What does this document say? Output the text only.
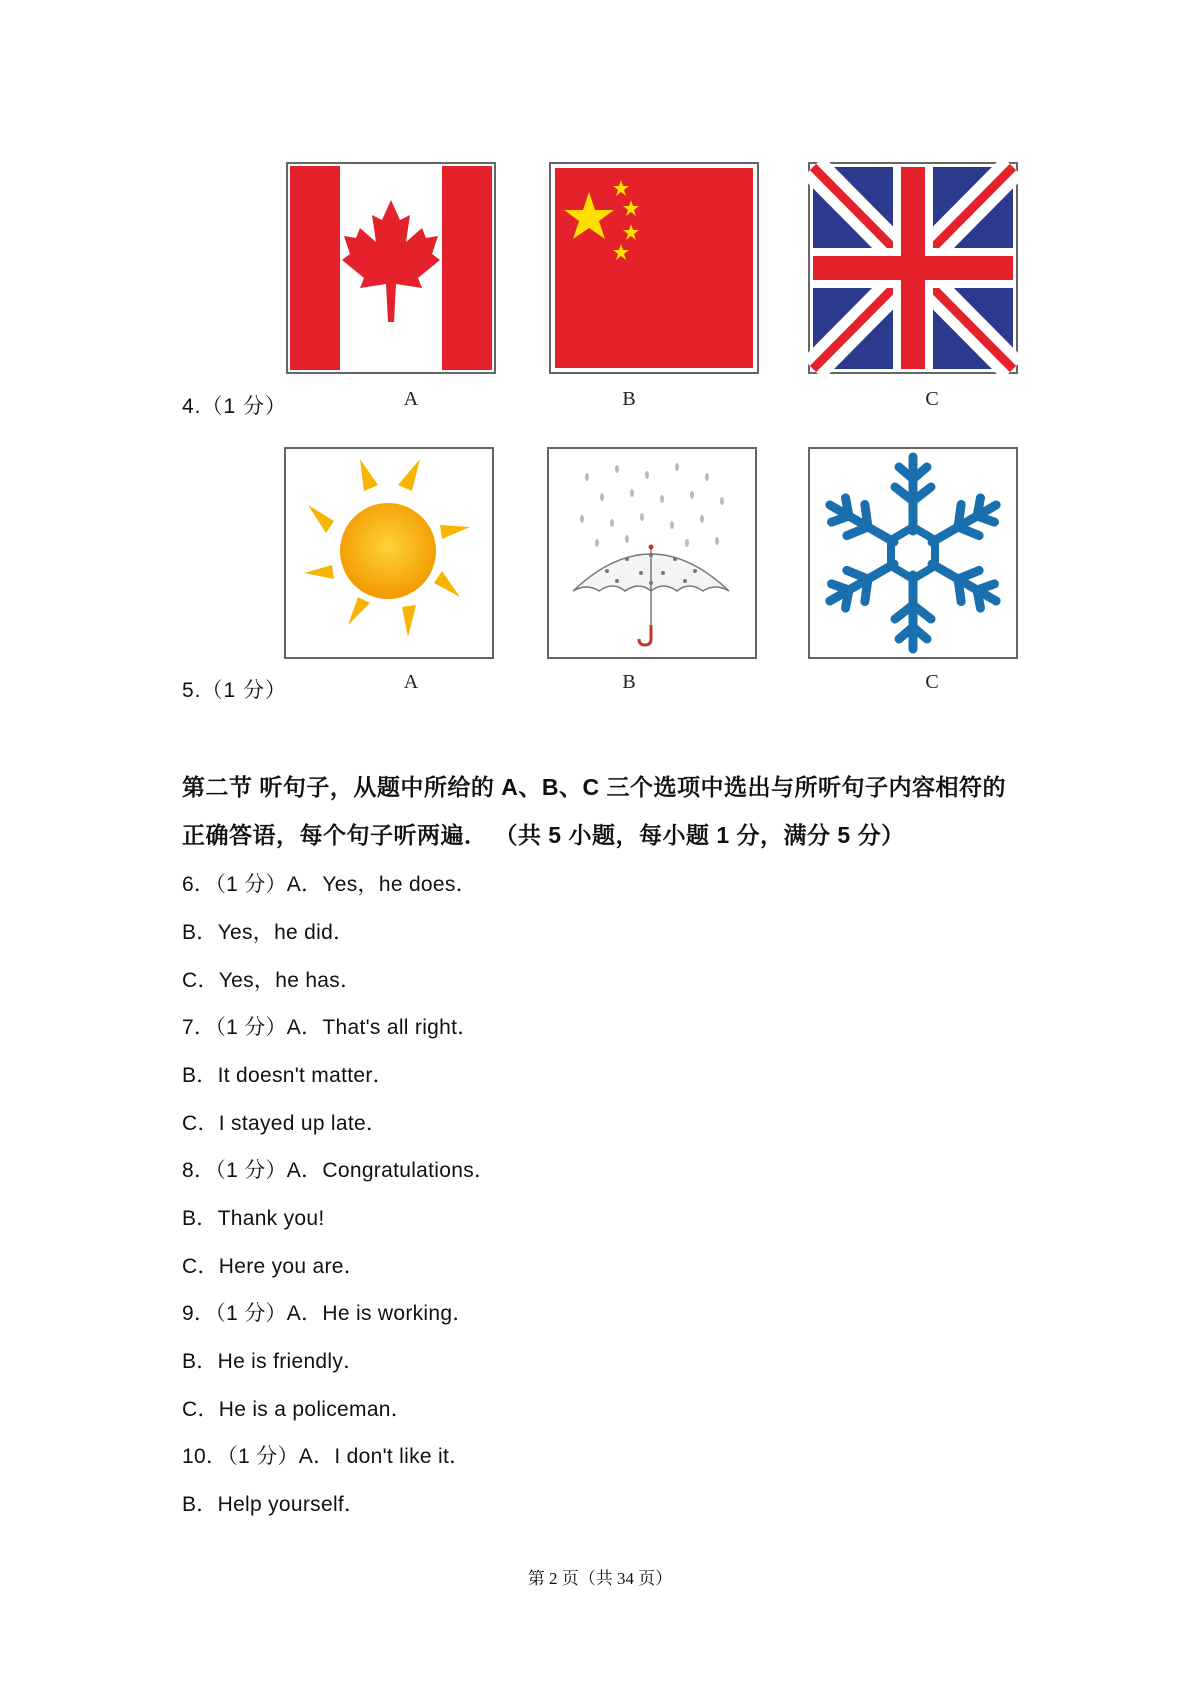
4.（1 分）	A	B	C
5.（1 分）	A	B	C
第二节 听句子，从题中所给的 A、B、C 三个选项中选出与所听句子内容相符的
正确答语，每个句子听两遍． （共 5 小题，每小题 1 分，满分 5 分）
6．（1 分）A．Yes，he does．
B．Yes，he did．
C．Yes，he has．
7．（1 分）A．That's all right．
B．It doesn't matter．
C．I stayed up late．
8．（1 分）A．Congratulations．
B．Thank you!
C．Here you are．
9．（1 分）A．He is working．
B．He is friendly．
C．He is a policeman．
10．（1 分）A．I don't like it．
B．Help yourself．
第 2 页（共 34 页）
